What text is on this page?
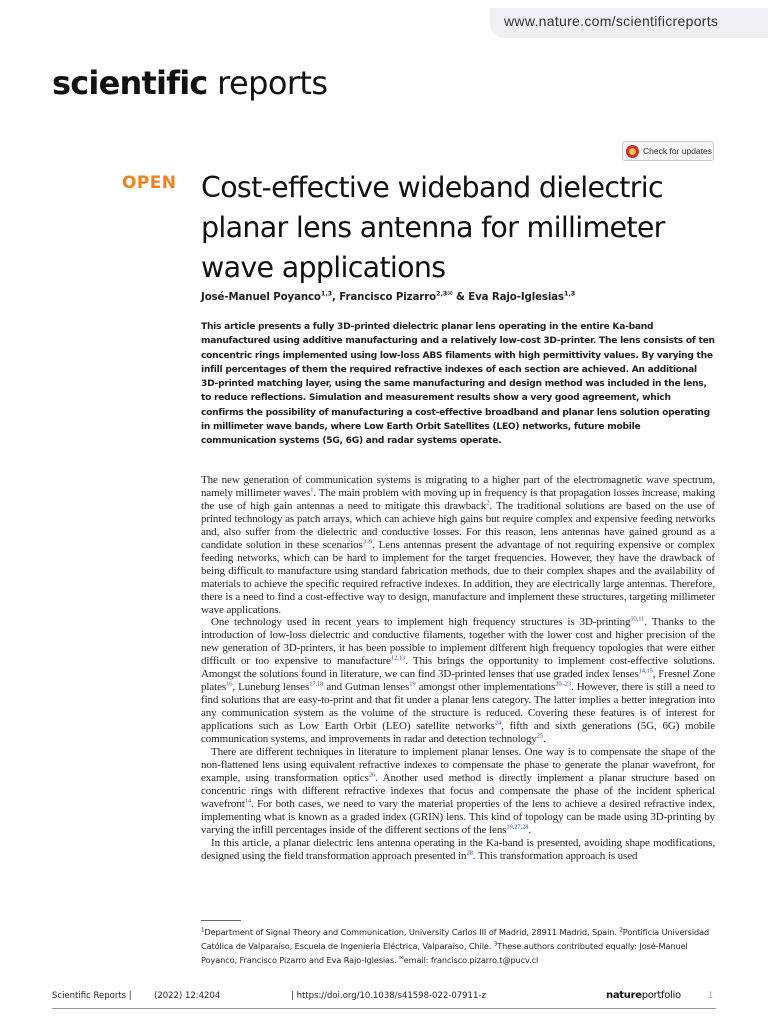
www.nature.com/scientificreports
scientific reports
Check for updates
OPEN Cost-effective wideband dielectric planar lens antenna for millimeter wave applications
José-Manuel Poyanco$^{1,3}$, Francisco Pizarro$^{2,3✉}$ & Eva Rajo-Iglesias$^{1,3}$

This article presents a fully 3D-printed dielectric planar lens operating in the entire Ka-band manufactured using additive manufacturing and a relatively low-cost 3D-printer. The lens consists of ten concentric rings implemented using low-loss ABS filaments with high permittivity values. By varying the infill percentages of them the required refractive indexes of each section are achieved. An additional 3D-printed matching layer, using the same manufacturing and design method was included in the lens, to reduce reflections. Simulation and measurement results show a very good agreement, which confirms the possibility of manufacturing a cost-effective broadband and planar lens solution operating in millimeter wave bands, where Low Earth Orbit Satellites (LEO) networks, future mobile communication systems (5G, 6G) and radar systems operate.

The new generation of communication systems is migrating to a higher part of the electromagnetic wave spectrum, namely millimeter waves$^1$. The main problem with moving up in frequency is that propagation losses increase, making the use of high gain antennas a need to mitigate this drawback$^2$. The traditional solutions are based on the use of printed technology as patch arrays, which can achieve high gains but require complex and expensive feeding networks and, also suffer from the dielectric and conductive losses. For this reason, lens antennas have gained ground as a candidate solution in these scenarios$^{3-9}$. Lens antennas present the advantage of not requiring expensive or complex feeding networks, which can be hard to implement for the target frequencies. However, they have the drawback of being difficult to manufacture using standard fabrication methods, due to their complex shapes and the availability of materials to achieve the specific required refractive indexes. In addition, they are electrically large antennas. Therefore, there is a need to find a cost-effective way to design, manufacture and implement these structures, targeting millimeter wave applications.

One technology used in recent years to implement high frequency structures is 3D-printing$^{10,11}$. Thanks to the introduction of low-loss dielectric and conductive filaments, together with the lower cost and higher precision of the new generation of 3D-printers, it has been possible to implement different high frequency topologies that were either difficult or too expensive to manufacture$^{12,13}$. This brings the opportunity to implement cost-effective solutions. Amongst the solutions found in literature, we can find 3D-printed lenses that use graded index lenses$^{14,15}$, Fresnel Zone plates$^{16}$, Luneburg lenses$^{17,18}$ and Gutman lenses$^{19}$ amongst other implementations$^{20-23}$. However, there is still a need to find solutions that are easy-to-print and that fit under a planar lens category. The latter implies a better integration into any communication system as the volume of the structure is reduced. Covering these features is of interest for applications such as Low Earth Orbit (LEO) satellite networks$^{24}$, fifth and sixth generations (5G, 6G) mobile communication systems, and improvements in radar and detection technology$^{25}$.

There are different techniques in literature to implement planar lenses. One way is to compensate the shape of the non-flattened lens using equivalent refractive indexes to compensate the phase to generate the planar wavefront, for example, using transformation optics$^{26}$. Another used method is directly implement a planar structure based on concentric rings with different refractive indexes that focus and compensate the phase of the incident spherical wavefront$^{14}$. For both cases, we need to vary the material properties of the lens to achieve a desired refractive index, implementing what is known as a graded index (GRIN) lens. This kind of topology can be made using 3D-printing by varying the infill percentages inside of the different sections of the lens$^{19,27,28}$.

In this article, a planar dielectric lens antenna operating in the Ka-band is presented, avoiding shape modifications, designed using the field transformation approach presented $in^{28}$. This transformation approach is used

$^1$Department of Signal Theory and Communication, University Carlos III of Madrid, 28911 Madrid, Spain. $^2$Pontificia Universidad Católica de Valparaíso, Escuela de Ingeniería Eléctrica, Valparaíso, Chile. $^3$These authors contributed equally: José-Manuel Poyanco, Francisco Pizarro and Eva Rajo-Iglesias. ✉email: francisco.pizarro.t@pucv.cl

Scientific Reports |	(2022) 12:4204	| https://doi.org/10.1038/s41598-022-07911-z	natureportfolio	1
